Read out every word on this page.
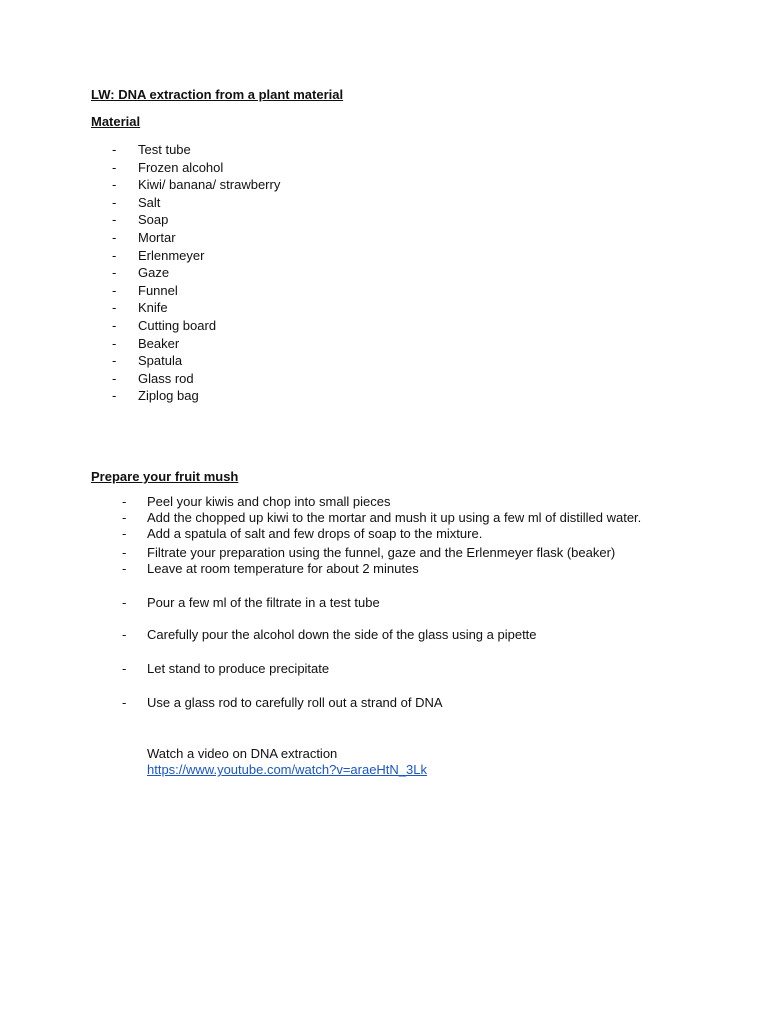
LW: DNA extraction from a plant material
Material
- Test tube
- Frozen alcohol
- Kiwi/ banana/ strawberry
- Salt
- Soap
- Mortar
- Erlenmeyer
- Gaze
- Funnel
- Knife
- Cutting board
- Beaker
- Spatula
- Glass rod
- Ziplog bag
Prepare your fruit mush
- Peel your kiwis and chop into small pieces
- Add the chopped up kiwi to the mortar and mush it up using a few ml of distilled water.
- Add a spatula of salt and few drops of soap to the mixture.
- Filtrate your preparation using the funnel, gaze and the Erlenmeyer flask (beaker)
- Leave at room temperature for about 2 minutes
- Pour a few ml of the filtrate in a test tube
- Carefully pour the alcohol down the side of the glass using a pipette
- Let stand to produce precipitate
- Use a glass rod to carefully roll out a strand of DNA
Watch a video on DNA extraction
https://www.youtube.com/watch?v=araeHtN_3Lk
